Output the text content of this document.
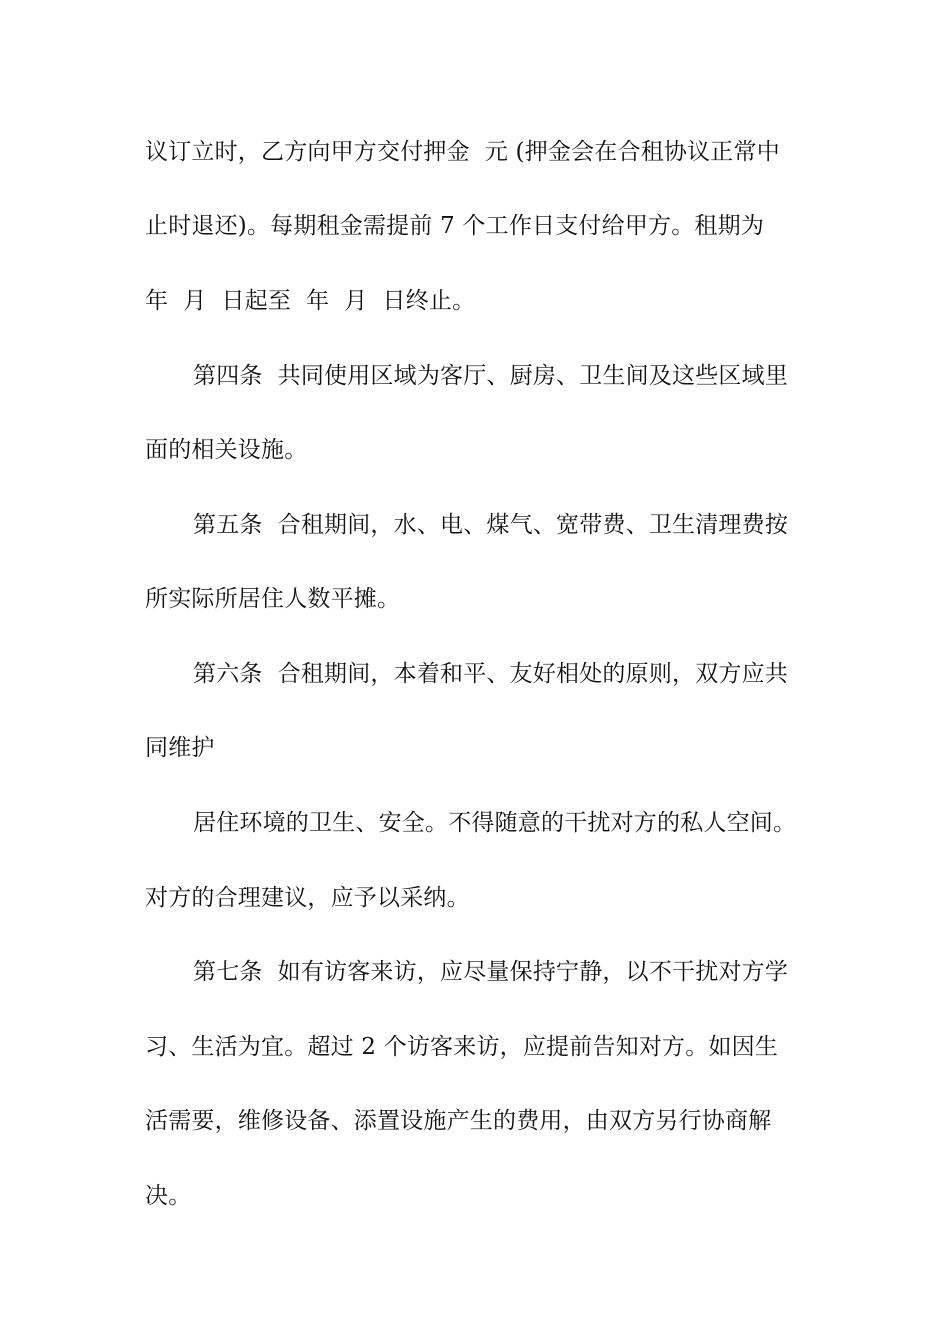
议订立时，乙方向甲方交付押金  元 (押金会在合租协议正常中
止时退还)。每期租金需提前 7 个工作日支付给甲方。租期为
年  月  日起至  年  月  日终止。
第四条  共同使用区域为客厅、厨房、卫生间及这些区域里
面的相关设施。
第五条  合租期间，水、电、煤气、宽带费、卫生清理费按
所实际所居住人数平摊。
第六条  合租期间，本着和平、友好相处的原则，双方应共
同维护
居住环境的卫生、安全。不得随意的干扰对方的私人空间。
对方的合理建议，应予以采纳。
第七条  如有访客来访，应尽量保持宁静，以不干扰对方学
习、生活为宜。超过 2 个访客来访，应提前告知对方。如因生
活需要，维修设备、添置设施产生的费用，由双方另行协商解
决。
